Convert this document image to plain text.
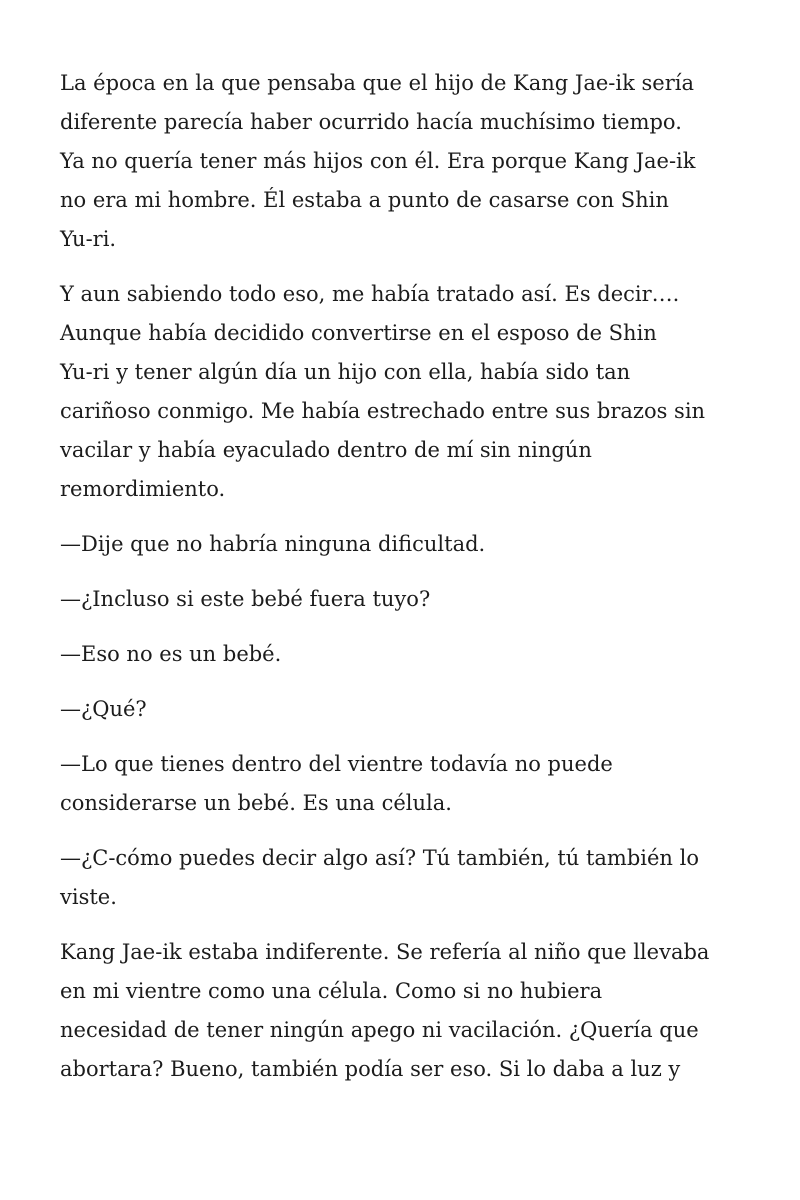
La época en la que pensaba que el hijo de Kang Jae-ik sería
diferente parecía haber ocurrido hacía muchísimo tiempo.
Ya no quería tener más hijos con él. Era porque Kang Jae-ik
no era mi hombre. Él estaba a punto de casarse con Shin
Yu-ri.

Y aun sabiendo todo eso, me había tratado así. Es decir….
Aunque había decidido convertirse en el esposo de Shin
Yu-ri y tener algún día un hijo con ella, había sido tan
cariñoso conmigo. Me había estrechado entre sus brazos sin
vacilar y había eyaculado dentro de mí sin ningún
remordimiento.

—Dije que no habría ninguna dificultad.

—¿Incluso si este bebé fuera tuyo?

—Eso no es un bebé.

—¿Qué?

—Lo que tienes dentro del vientre todavía no puede
considerarse un bebé. Es una célula.

—¿C-cómo puedes decir algo así? Tú también, tú también lo
viste.

Kang Jae-ik estaba indiferente. Se refería al niño que llevaba
en mi vientre como una célula. Como si no hubiera
necesidad de tener ningún apego ni vacilación. ¿Quería que
abortara? Bueno, también podía ser eso. Si lo daba a luz y
